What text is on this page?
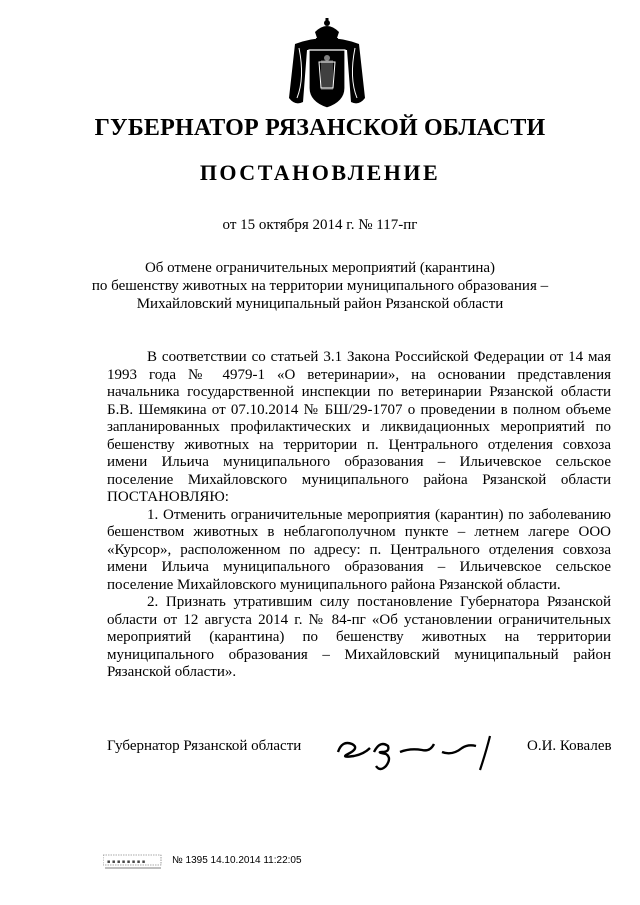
ГУБЕРНАТОР РЯЗАНСКОЙ ОБЛАСТИ
ПОСТАНОВЛЕНИЕ
от 15 октября 2014 г. № 117-пг
Об отмене ограничительных мероприятий (карантина)
по бешенству животных на территории муниципального образования –
Михайловский муниципальный район Рязанской области

В соответствии со статьей 3.1 Закона Российской Федерации от 14 мая 1993 года № 4979-1 «О ветеринарии», на основании представления начальника государственной инспекции по ветеринарии Рязанской области Б.В. Шемякина от 07.10.2014 № БШ/29-1707 о проведении в полном объеме запланированных профилактических и ликвидационных мероприятий по бешенству животных на территории п. Центрального отделения совхоза имени Ильича муниципального образования – Ильичевское сельское поселение Михайловского муниципального района Рязанской области ПОСТАНОВЛЯЮ:

1. Отменить ограничительные мероприятия (карантин) по заболеванию бешенством животных в неблагополучном пункте – летнем лагере ООО «Курсор», расположенном по адресу: п. Центрального отделения совхоза имени Ильича муниципального образования – Ильичевское сельское поселение Михайловского муниципального района Рязанской области.

2. Признать утратившим силу постановление Губернатора Рязанской области от 12 августа 2014 г. № 84-пг «Об установлении ограничительных мероприятий (карантина) по бешенству животных на территории муниципального образования – Михайловский муниципальный район Рязанской области».

Губернатор Рязанской области	О.И. Ковалев
▪ ▪ ▪ ▪ ▪ ▪ ▪ ▪	№ 1395 14.10.2014 11:22:05
